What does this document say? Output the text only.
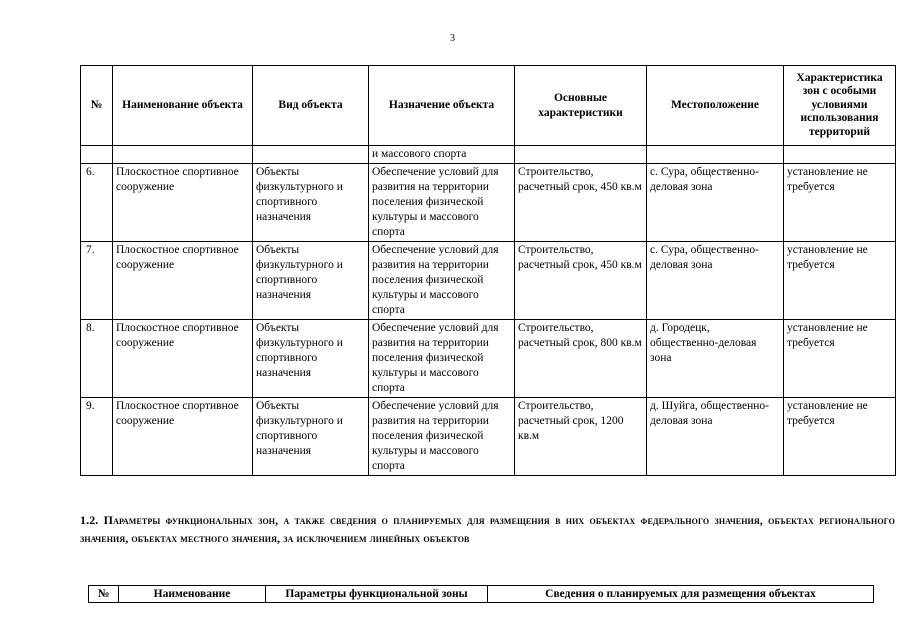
3
№	Наименование объекта	Вид объекта	Назначение объекта	Основные характеристики	Местоположение	Характеристика зон с особыми условиями использования территорий
			и массового спорта			
6.	Плоскостное спортивное сооружение	Объекты физкультурного и спортивного назначения	Обеспечение условий для развития на территории поселения физической культуры и массового спорта	Строительство, расчетный срок, 450 кв.м	с. Сура, общественно-деловая зона	установление не требуется
7.	Плоскостное спортивное сооружение	Объекты физкультурного и спортивного назначения	Обеспечение условий для развития на территории поселения физической культуры и массового спорта	Строительство, расчетный срок, 450 кв.м	с. Сура, общественно-деловая зона	установление не требуется
8.	Плоскостное спортивное сооружение	Объекты физкультурного и спортивного назначения	Обеспечение условий для развития на территории поселения физической культуры и массового спорта	Строительство, расчетный срок, 800 кв.м	д. Городецк, общественно-деловая зона	установление не требуется
9.	Плоскостное спортивное сооружение	Объекты физкультурного и спортивного назначения	Обеспечение условий для развития на территории поселения физической культуры и массового спорта	Строительство, расчетный срок, 1200 кв.м	д. Шуйга, общественно-деловая зона	установление не требуется
1.2. Параметры функциональных зон, а также сведения о планируемых для размещения в них объектах федерального значения, объектах регионального значения, объектах местного значения, за исключением линейных объектов
№	Наименование	Параметры функциональной зоны	Сведения о планируемых для размещения объектах
